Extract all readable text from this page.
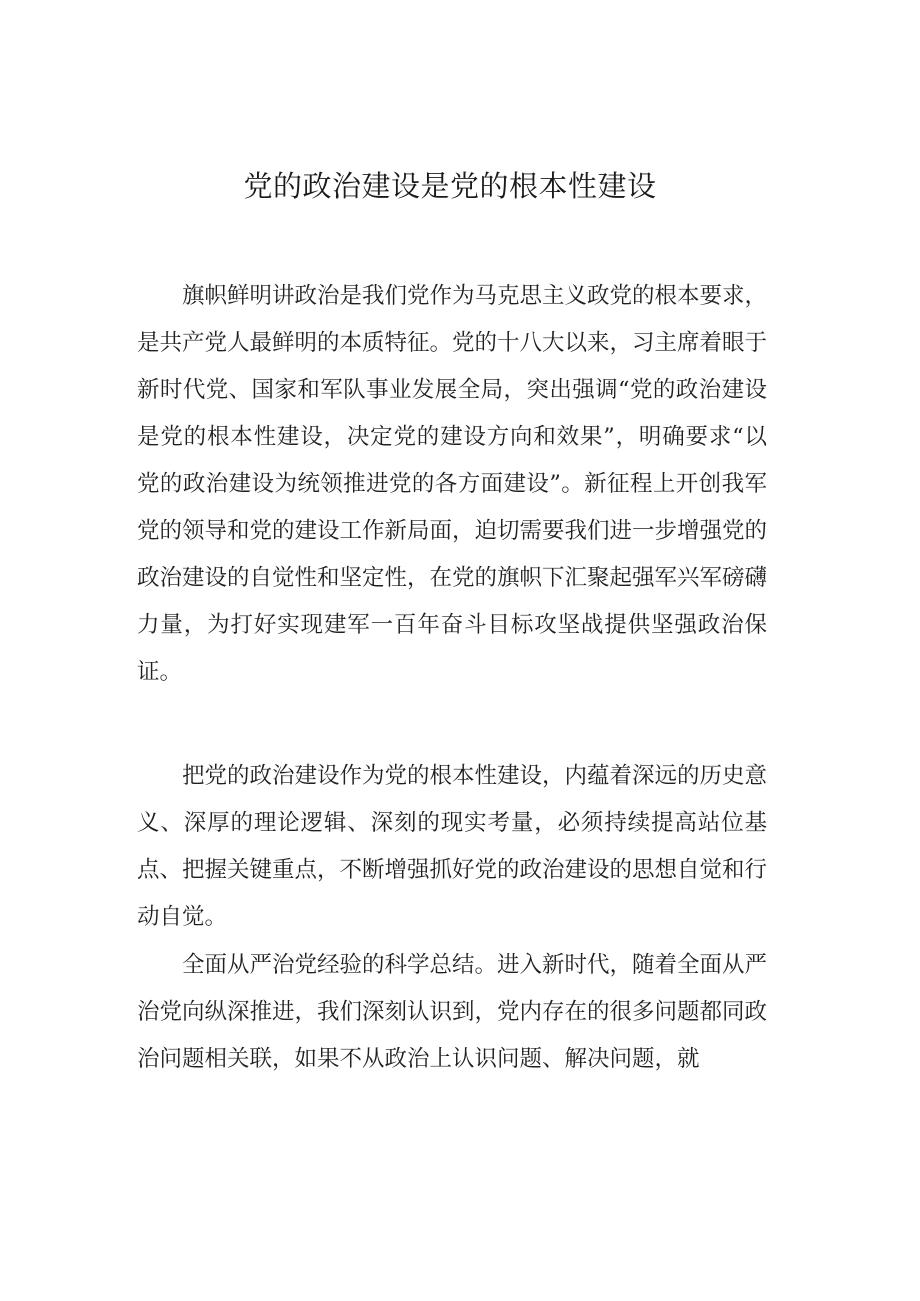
党的政治建设是党的根本性建设

旗帜鲜明讲政治是我们党作为马克思主义政党的根本要求，是共产党人最鲜明的本质特征。党的十八大以来，习主席着眼于新时代党、国家和军队事业发展全局，突出强调“党的政治建设是党的根本性建设，决定党的建设方向和效果”，明确要求“以党的政治建设为统领推进党的各方面建设”。新征程上开创我军党的领导和党的建设工作新局面，迫切需要我们进一步增强党的政治建设的自觉性和坚定性，在党的旗帜下汇聚起强军兴军磅礴力量，为打好实现建军一百年奋斗目标攻坚战提供坚强政治保证。

把党的政治建设作为党的根本性建设，内蕴着深远的历史意义、深厚的理论逻辑、深刻的现实考量，必须持续提高站位基点、把握关键重点，不断增强抓好党的政治建设的思想自觉和行动自觉。

全面从严治党经验的科学总结。进入新时代，随着全面从严治党向纵深推进，我们深刻认识到，党内存在的很多问题都同政治问题相关联，如果不从政治上认识问题、解决问题，就
